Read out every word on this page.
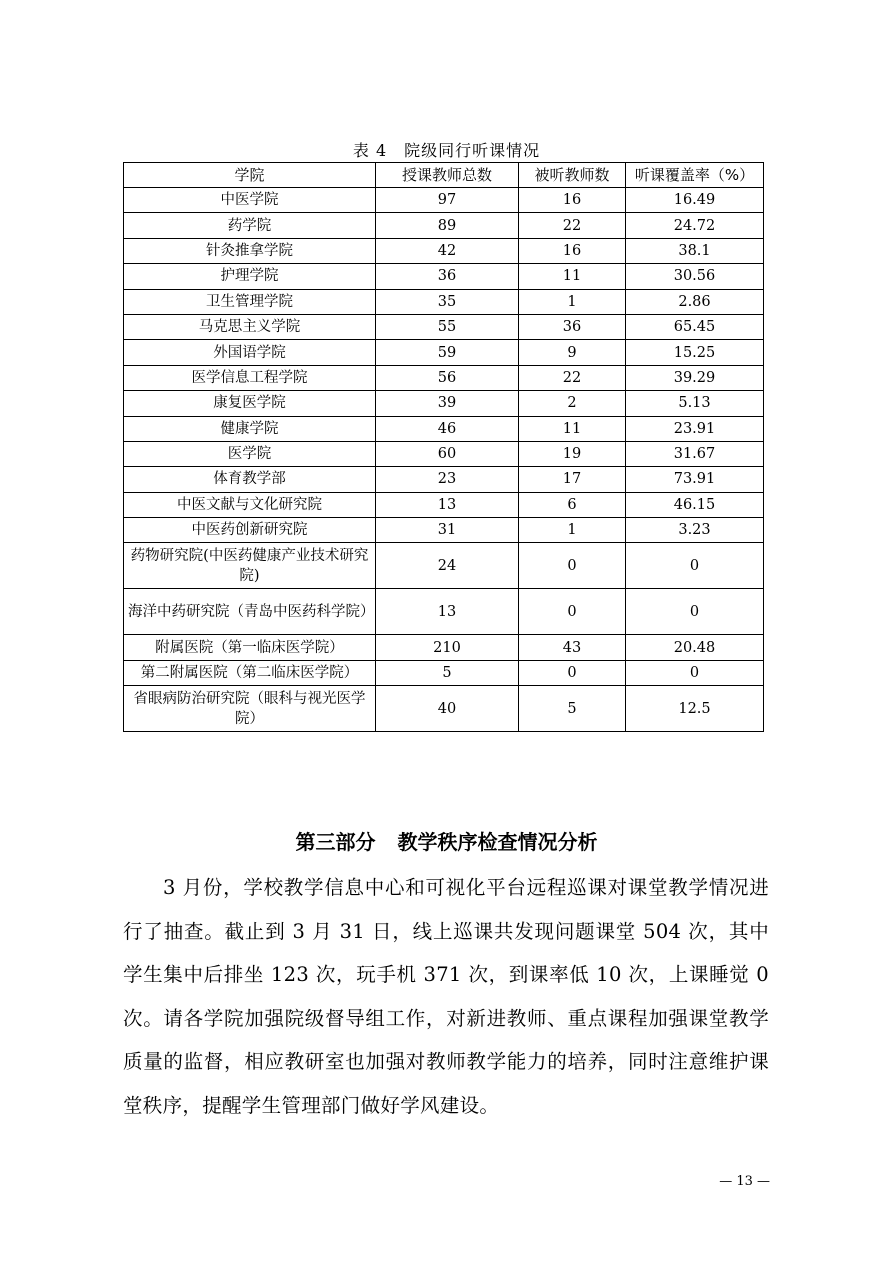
表 4　院级同行听课情况
学院	授课教师总数	被听教师数	听课覆盖率（%）
中医学院	97	16	16.49
药学院	89	22	24.72
针灸推拿学院	42	16	38.1
护理学院	36	11	30.56
卫生管理学院	35	1	2.86
马克思主义学院	55	36	65.45
外国语学院	59	9	15.25
医学信息工程学院	56	22	39.29
康复医学院	39	2	5.13
健康学院	46	11	23.91
医学院	60	19	31.67
体育教学部	23	17	73.91
中医文献与文化研究院	13	6	46.15
中医药创新研究院	31	1	3.23
药物研究院(中医药健康产业技术研究院)	24	0	0
海洋中药研究院（青岛中医药科学院）	13	0	0
附属医院（第一临床医学院）	210	43	20.48
第二附属医院（第二临床医学院）	5	0	0
省眼病防治研究院（眼科与视光医学院）	40	5	12.5
第三部分 教学秩序检查情况分析
3 月份，学校教学信息中心和可视化平台远程巡课对课堂教学情况进行了抽查。截止到 3 月 31 日，线上巡课共发现问题课堂 504 次，其中学生集中后排坐 123 次，玩手机 371 次，到课率低 10 次，上课睡觉 0 次。请各学院加强院级督导组工作，对新进教师、重点课程加强课堂教学质量的监督，相应教研室也加强对教师教学能力的培养，同时注意维护课堂秩序，提醒学生管理部门做好学风建设。
— 13 —
